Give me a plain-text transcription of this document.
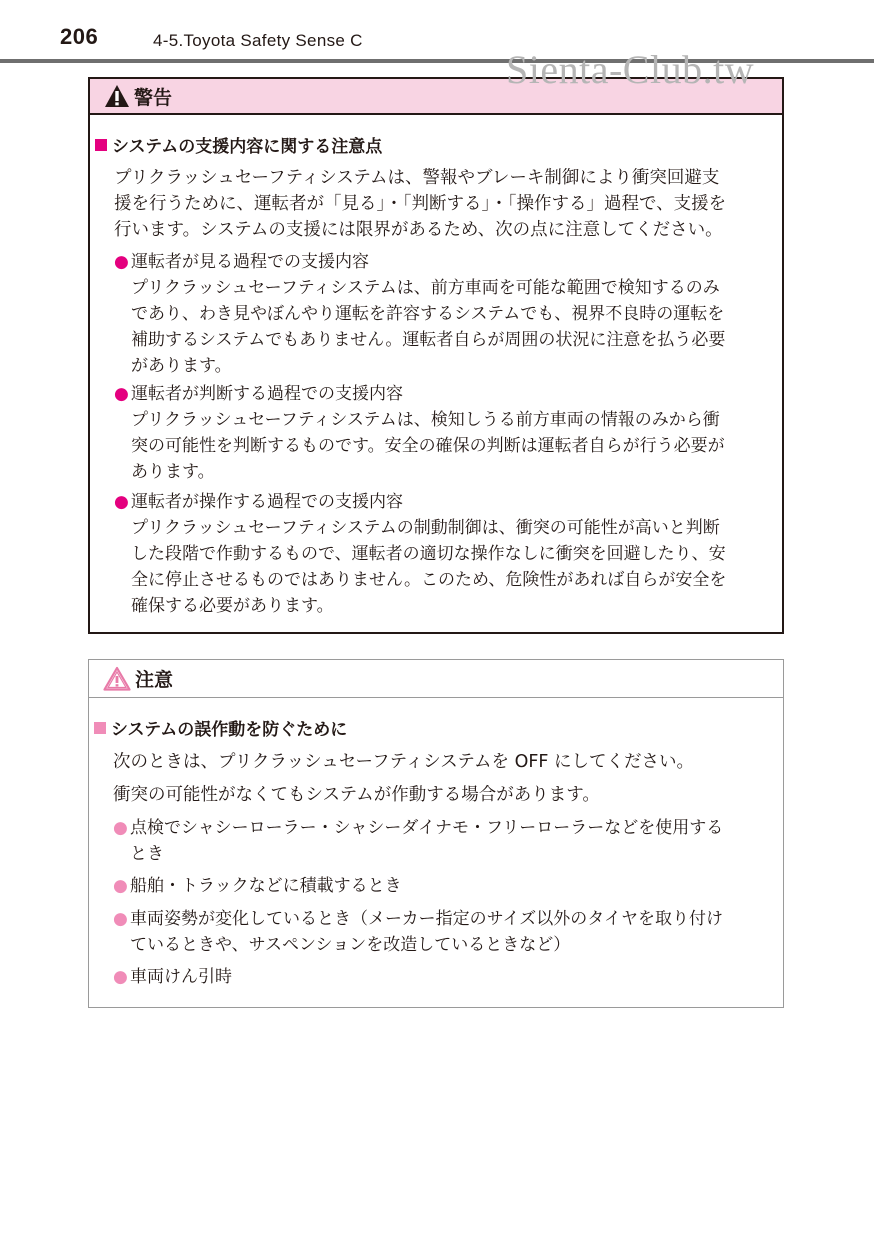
206	4-5.Toyota Safety Sense C
Sienta-Club.tw
警告
システムの支援内容に関する注意点
プリクラッシュセーフティシステムは、警報やブレーキ制御により衝突回避支
援を行うために、運転者が「見る」・「判断する」・「操作する」過程で、支援を
行います。システムの支援には限界があるため、次の点に注意してください。
● 運転者が見る過程での支援内容
プリクラッシュセーフティシステムは、前方車両を可能な範囲で検知するのみ
であり、わき見やぼんやり運転を許容するシステムでも、視界不良時の運転を
補助するシステムでもありません。運転者自らが周囲の状況に注意を払う必要
があります。
● 運転者が判断する過程での支援内容
プリクラッシュセーフティシステムは、検知しうる前方車両の情報のみから衝
突の可能性を判断するものです。安全の確保の判断は運転者自らが行う必要が
あります。
● 運転者が操作する過程での支援内容
プリクラッシュセーフティシステムの制動制御は、衝突の可能性が高いと判断
した段階で作動するもので、運転者の適切な操作なしに衝突を回避したり、安
全に停止させるものではありません。このため、危険性があれば自らが安全を
確保する必要があります。
注意
システムの誤作動を防ぐために
次のときは、プリクラッシュセーフティシステムを OFF にしてください。
衝突の可能性がなくてもシステムが作動する場合があります。
● 点検でシャシーローラー・シャシーダイナモ・フリーローラーなどを使用する
とき
● 船舶・トラックなどに積載するとき
● 車両姿勢が変化しているとき（メーカー指定のサイズ以外のタイヤを取り付け
ているときや、サスペンションを改造しているときなど）
● 車両けん引時
